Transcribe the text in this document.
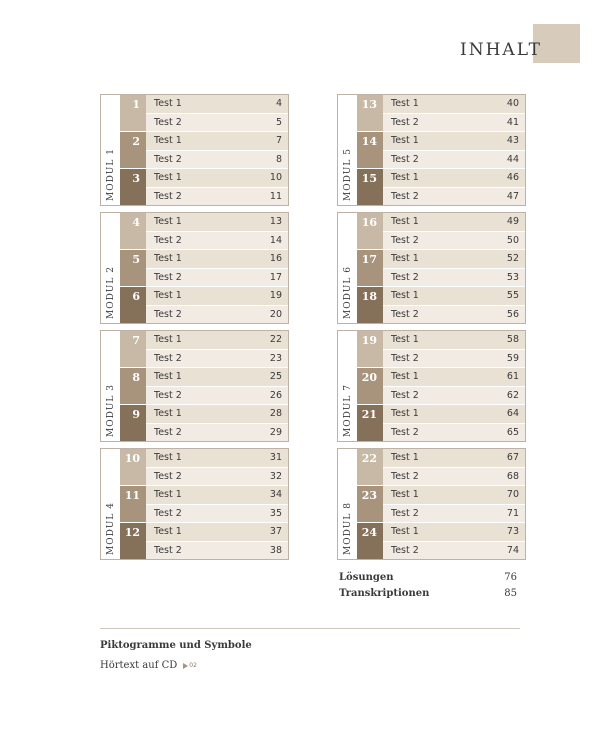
INHALT
MODUL 1
1	Test 1	4
Test 2	5
2	Test 1	7
Test 2	8
3	Test 1	10
Test 2	11
MODUL 2
4	Test 1	13
Test 2	14
5	Test 1	16
Test 2	17
6	Test 1	19
Test 2	20
MODUL 3
7	Test 1	22
Test 2	23
8	Test 1	25
Test 2	26
9	Test 1	28
Test 2	29
MODUL 4
10	Test 1	31
Test 2	32
11	Test 1	34
Test 2	35
12	Test 1	37
Test 2	38
MODUL 5
13	Test 1	40
Test 2	41
14	Test 1	43
Test 2	44
15	Test 1	46
Test 2	47
MODUL 6
16	Test 1	49
Test 2	50
17	Test 1	52
Test 2	53
18	Test 1	55
Test 2	56
MODUL 7
19	Test 1	58
Test 2	59
20	Test 1	61
Test 2	62
21	Test 1	64
Test 2	65
MODUL 8
22	Test 1	67
Test 2	68
23	Test 1	70
Test 2	71
24	Test 1	73
Test 2	74
Lösungen	76
Transkriptionen	85
Piktogramme und Symbole
Hörtext auf CD 02
